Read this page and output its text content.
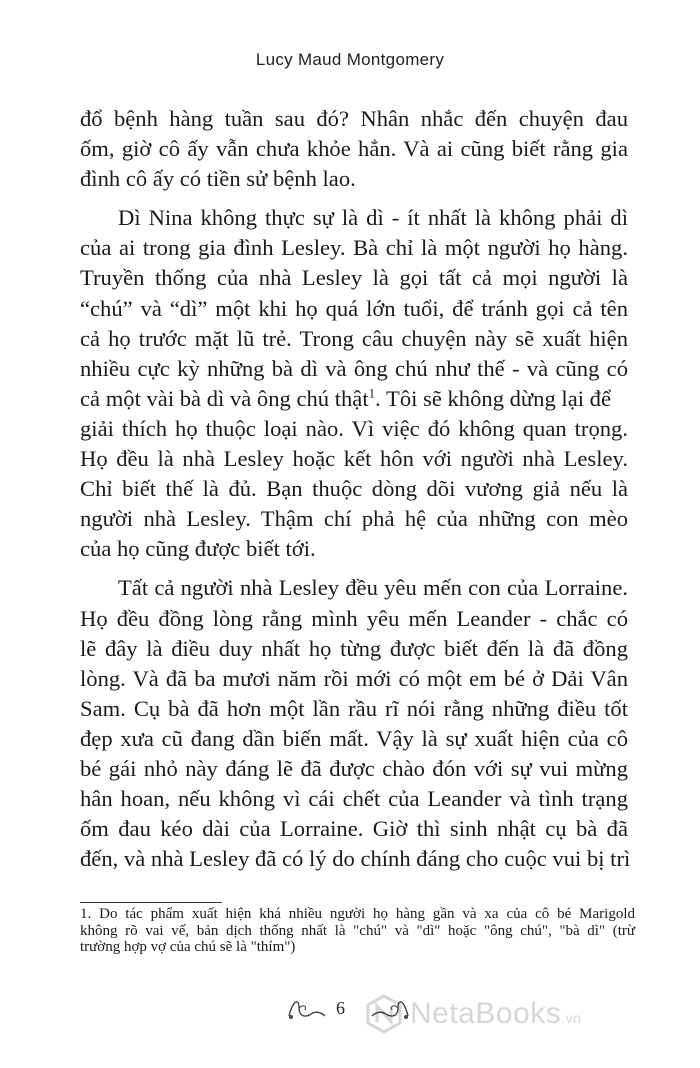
Lucy Maud Montgomery

đổ bệnh hàng tuần sau đó? Nhân nhắc đến chuyện đau
ốm, giờ cô ấy vẫn chưa khỏe hẳn. Và ai cũng biết rằng gia
đình cô ấy có tiền sử bệnh lao.

Dì Nina không thực sự là dì - ít nhất là không phải dì
của ai trong gia đình Lesley. Bà chỉ là một người họ hàng.
Truyền thống của nhà Lesley là gọi tất cả mọi người là
“chú” và “dì” một khi họ quá lớn tuổi, để tránh gọi cả tên
cả họ trước mặt lũ trẻ. Trong câu chuyện này sẽ xuất hiện
nhiều cực kỳ những bà dì và ông chú như thế - và cũng có
cả một vài bà dì và ông chú thật$^1$. Tôi sẽ không dừng lại để
giải thích họ thuộc loại nào. Vì việc đó không quan trọng.
Họ đều là nhà Lesley hoặc kết hôn với người nhà Lesley.
Chỉ biết thế là đủ. Bạn thuộc dòng dõi vương giả nếu là
người nhà Lesley. Thậm chí phả hệ của những con mèo
của họ cũng được biết tới.

Tất cả người nhà Lesley đều yêu mến con của Lorraine.
Họ đều đồng lòng rằng mình yêu mến Leander - chắc có
lẽ đây là điều duy nhất họ từng được biết đến là đã đồng
lòng. Và đã ba mươi năm rồi mới có một em bé ở Dải Vân
Sam. Cụ bà đã hơn một lần rầu rĩ nói rằng những điều tốt
đẹp xưa cũ đang dần biến mất. Vậy là sự xuất hiện của cô
bé gái nhỏ này đáng lẽ đã được chào đón với sự vui mừng
hân hoan, nếu không vì cái chết của Leander và tình trạng
ốm đau kéo dài của Lorraine. Giờ thì sinh nhật cụ bà đã
đến, và nhà Lesley đã có lý do chính đáng cho cuộc vui bị trì

1. Do tác phẩm xuất hiện khá nhiều người họ hàng gần và xa của cô bé Marigold
không rõ vai vế, bản dịch thống nhất là "chú" và "dì" hoặc "ông chú", "bà dì" (trừ
trường hợp vợ của chú sẽ là "thím")
6 NetaBooks.vn
